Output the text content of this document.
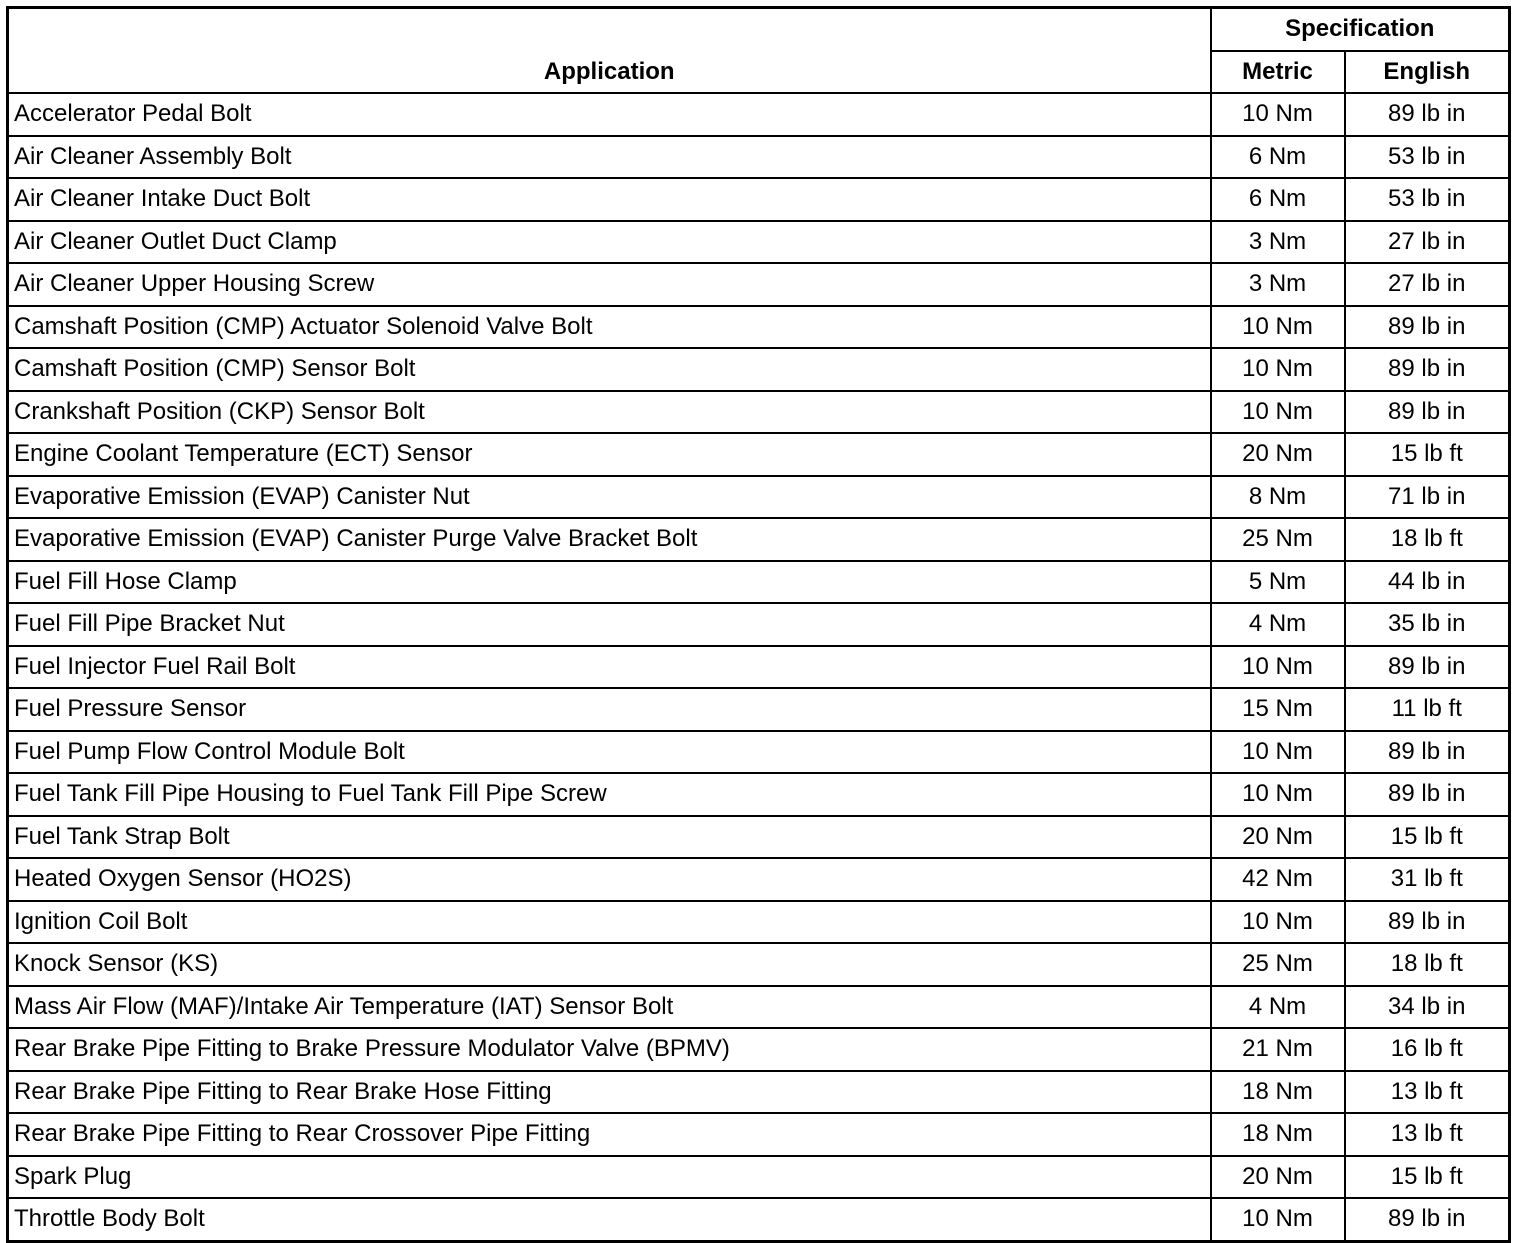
Application	Specification	
	Metric	English
Accelerator Pedal Bolt	10 Nm	89 lb in
Air Cleaner Assembly Bolt	6 Nm	53 lb in
Air Cleaner Intake Duct Bolt	6 Nm	53 lb in
Air Cleaner Outlet Duct Clamp	3 Nm	27 lb in
Air Cleaner Upper Housing Screw	3 Nm	27 lb in
Camshaft Position (CMP) Actuator Solenoid Valve Bolt	10 Nm	89 lb in
Camshaft Position (CMP) Sensor Bolt	10 Nm	89 lb in
Crankshaft Position (CKP) Sensor Bolt	10 Nm	89 lb in
Engine Coolant Temperature (ECT) Sensor	20 Nm	15 lb ft
Evaporative Emission (EVAP) Canister Nut	8 Nm	71 lb in
Evaporative Emission (EVAP) Canister Purge Valve Bracket Bolt	25 Nm	18 lb ft
Fuel Fill Hose Clamp	5 Nm	44 lb in
Fuel Fill Pipe Bracket Nut	4 Nm	35 lb in
Fuel Injector Fuel Rail Bolt	10 Nm	89 lb in
Fuel Pressure Sensor	15 Nm	11 lb ft
Fuel Pump Flow Control Module Bolt	10 Nm	89 lb in
Fuel Tank Fill Pipe Housing to Fuel Tank Fill Pipe Screw	10 Nm	89 lb in
Fuel Tank Strap Bolt	20 Nm	15 lb ft
Heated Oxygen Sensor (HO2S)	42 Nm	31 lb ft
Ignition Coil Bolt	10 Nm	89 lb in
Knock Sensor (KS)	25 Nm	18 lb ft
Mass Air Flow (MAF)/Intake Air Temperature (IAT) Sensor Bolt	4 Nm	34 lb in
Rear Brake Pipe Fitting to Brake Pressure Modulator Valve (BPMV)	21 Nm	16 lb ft
Rear Brake Pipe Fitting to Rear Brake Hose Fitting	18 Nm	13 lb ft
Rear Brake Pipe Fitting to Rear Crossover Pipe Fitting	18 Nm	13 lb ft
Spark Plug	20 Nm	15 lb ft
Throttle Body Bolt	10 Nm	89 lb in
